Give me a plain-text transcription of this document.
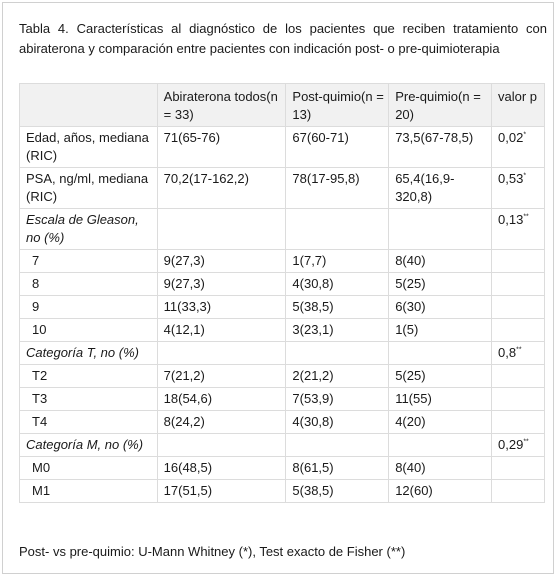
Tabla 4. Características al diagnóstico de los pacientes que reciben tratamiento con abiraterona y comparación entre pacientes con indicación post- o pre-quimioterapia
	Abiraterona todos(n = 33)	Post-quimio(n = 13)	Pre-quimio(n = 20)	valor p
Edad, años, mediana (RIC)	71(65-76)	67(60-71)	73,5(67-78,5)	0,02*
PSA, ng/ml, mediana (RIC)	70,2(17-162,2)	78(17-95,8)	65,4(16,9-320,8)	0,53*
Escala de Gleason, no (%)				0,13**
7	9(27,3)	1(7,7)	8(40)	
8	9(27,3)	4(30,8)	5(25)	
9	11(33,3)	5(38,5)	6(30)	
10	4(12,1)	3(23,1)	1(5)	
Categoría T, no (%)				0,8**
T2	7(21,2)	2(21,2)	5(25)	
T3	18(54,6)	7(53,9)	11(55)	
T4	8(24,2)	4(30,8)	4(20)	
Categoría M, no (%)				0,29**
M0	16(48,5)	8(61,5)	8(40)	
M1	17(51,5)	5(38,5)	12(60)	
Post- vs pre-quimio: U-Mann Whitney (*), Test exacto de Fisher (**)
